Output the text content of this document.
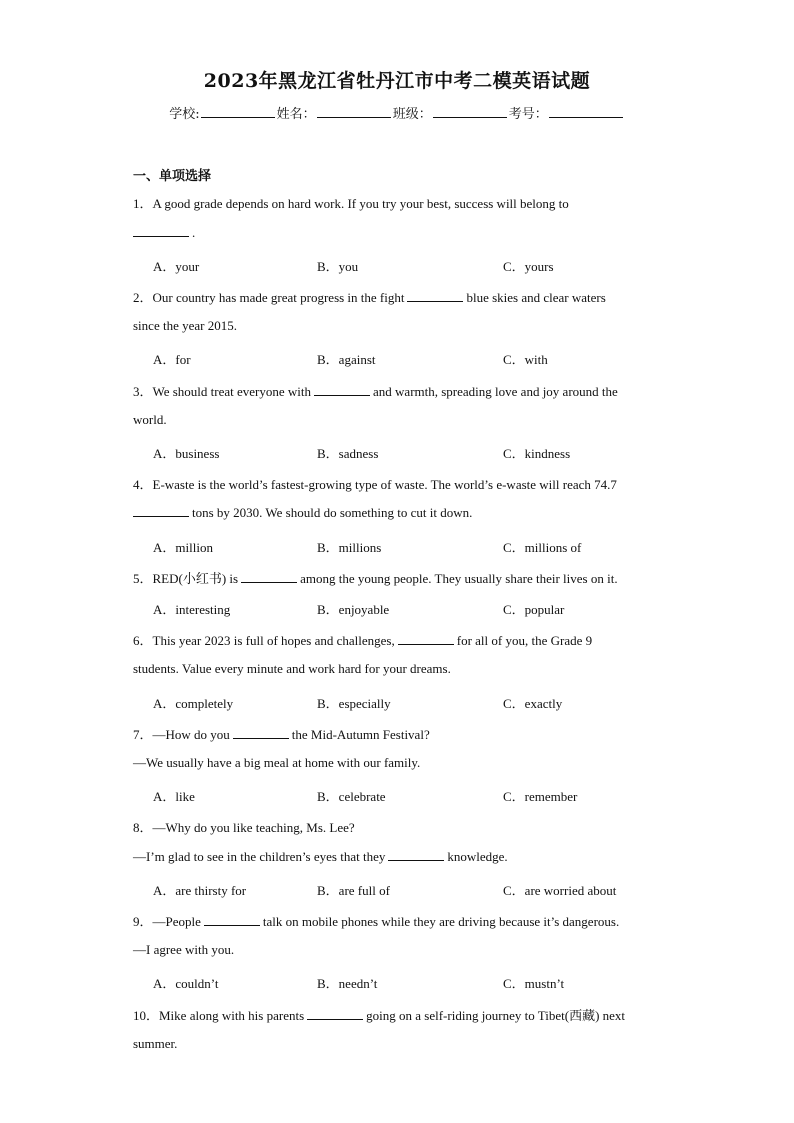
2023年黑龙江省牡丹江市中考二模英语试题
学校:	姓名：	班级：	考号：
一、单项选择
1．A good grade depends on hard work. If you try your best, success will belong to
.
A．your	B．you	C．yours
2．Our country has made great progress in the fight	blue skies and clear waters
since the year 2015.
A．for	B．against	C．with
3．We should treat everyone with	and warmth, spreading love and joy around the
world.
A．business	B．sadness	C．kindness
4．E-waste is the world’s fastest-growing type of waste. The world’s e-waste will reach 74.7
tons by 2030. We should do something to cut it down.
A．million	B．millions	C．millions of
5．RED(小红书) is	among the young people. They usually share their lives on it.
A．interesting	B．enjoyable	C．popular
6．This year 2023 is full of hopes and challenges,	for all of you, the Grade 9
students. Value every minute and work hard for your dreams.
A．completely	B．especially	C．exactly
7．—How do you	the Mid-Autumn Festival?
—We usually have a big meal at home with our family.
A．like	B．celebrate	C．remember
8．—Why do you like teaching, Ms. Lee?
—I’m glad to see in the children’s eyes that they	knowledge.
A．are thirsty for	B．are full of	C．are worried about
9．—People	talk on mobile phones while they are driving because it’s dangerous.
—I agree with you.
A．couldn’t	B．needn’t	C．mustn’t
10．Mike along with his parents	going on a self-riding journey to Tibet(西藏) next
summer.
